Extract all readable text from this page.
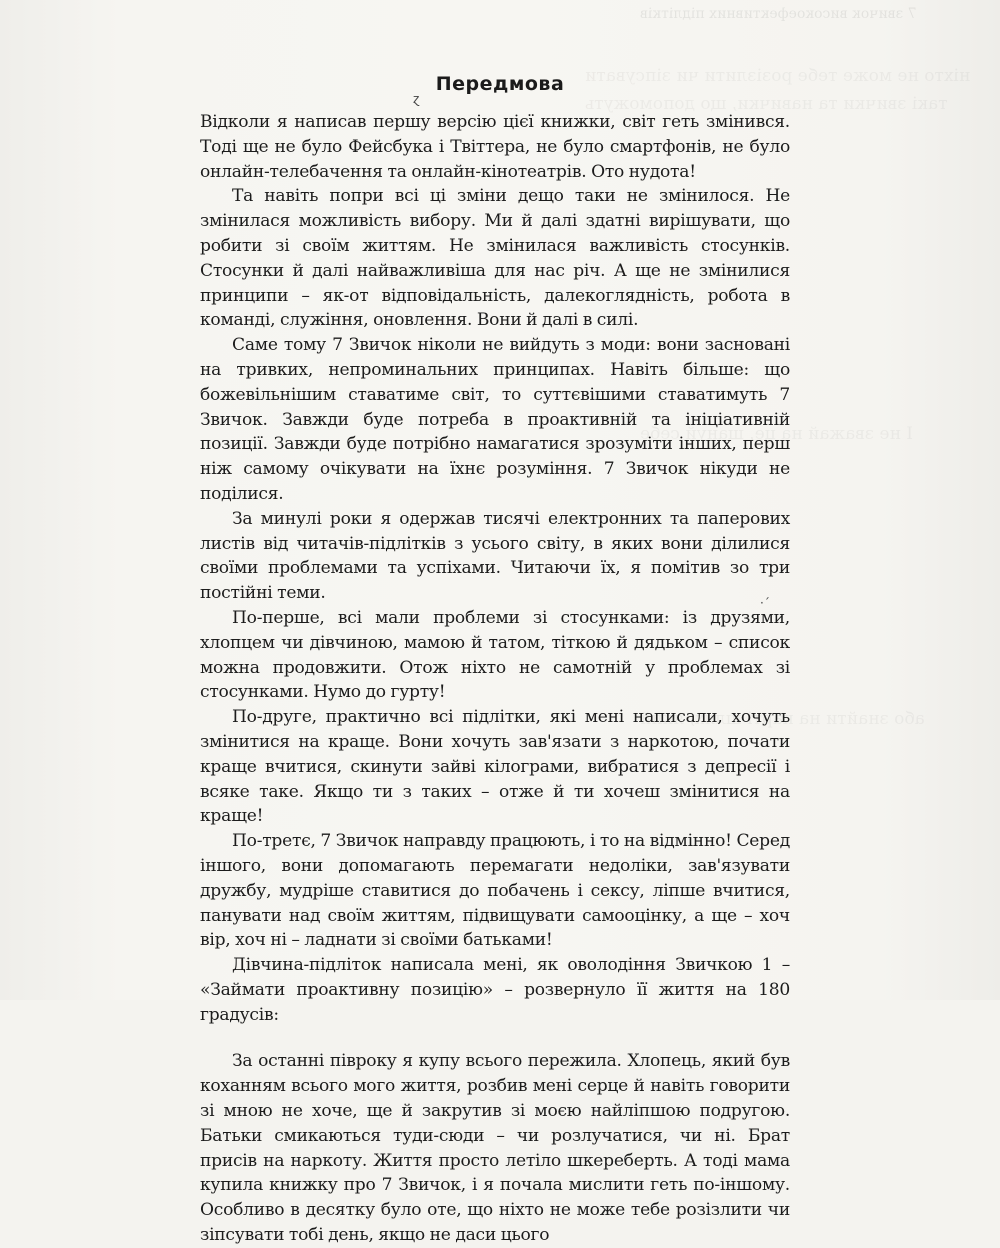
7 звичок високоефективних підлітків
Передмова
ɀ
·ˊ

Відколи я написав першу версію цієї книжки, світ геть змінився. Тоді ще не було Фейсбука і Твіттера, не було смартфонів, не було онлайн-телебачення та онлайн-кінотеатрів. Ото нудота!

Та навіть попри всі ці зміни дещо таки не змінилося. Не змінилася можливість вибору. Ми й далі здатні вирішувати, що робити зі своїм життям. Не змінилася важливість стосунків. Стосунки й далі найважливіша для нас річ. А ще не змінилися принципи – як-от відповідальність, далекоглядність, робота в команді, служіння, оновлення. Вони й далі в силі.

Саме тому 7 Звичок ніколи не вийдуть з моди: вони засновані на тривких, непроминальних принципах. Навіть більше: що божевільнішим ставатиме світ, то суттєвішими ставатимуть 7 Звичок. Завжди буде потреба в проактивній та ініціативній позиції. Завжди буде потрібно намагатися зрозуміти інших, перш ніж самому очікувати на їхнє розуміння. 7 Звичок нікуди не поділися.

За минулі роки я одержав тисячі електронних та паперових листів від читачів-підлітків з усього світу, в яких вони ділилися своїми проблемами та успіхами. Читаючи їх, я помітив зо три постійні теми.

По-перше, всі мали проблеми зі стосунками: із друзями, хлопцем чи дівчиною, мамою й татом, тіткою й дядьком – список можна продовжити. Отож ніхто не самотній у проблемах зі стосунками. Нумо до гурту!

По-друге, практично всі підлітки, які мені написали, хочуть змінитися на краще. Вони хочуть зав'язати з наркотою, почати краще вчитися, скинути зайві кілограми, вибратися з депресії і всяке таке. Якщо ти з таких – отже й ти хочеш змінитися на краще!

По-третє, 7 Звичок направду працюють, і то на відмінно! Серед іншого, вони допомагають перемагати недоліки, зав'язувати дружбу, мудріше ставитися до побачень і сексу, ліпше вчитися, панувати над своїм життям, підвищувати самооцінку, а ще – хоч вір, хоч ні – ладнати зі своїми батьками!

Дівчина-підліток написала мені, як оволодіння Звичкою 1 – «Займати проактивну позицію» – розвернуло її життя на 180 градусів:

За останні півроку я купу всього пережила. Хлопець, який був коханням всього мого життя, розбив мені серце й навіть говорити зі мною не хоче, ще й закрутив зі моєю найліпшою подругою. Батьки смикаються туди-сюди – чи розлучатися, чи ні. Брат присів на наркоту. Життя просто летіло шкереберть. А тоді мама купила книжку про 7 Звичок, і я почала мислити геть по-іншому. Особливо в десятку було оте, що ніхто не може тебе розізлити чи зіпсувати тобі день, якщо не даси цього
